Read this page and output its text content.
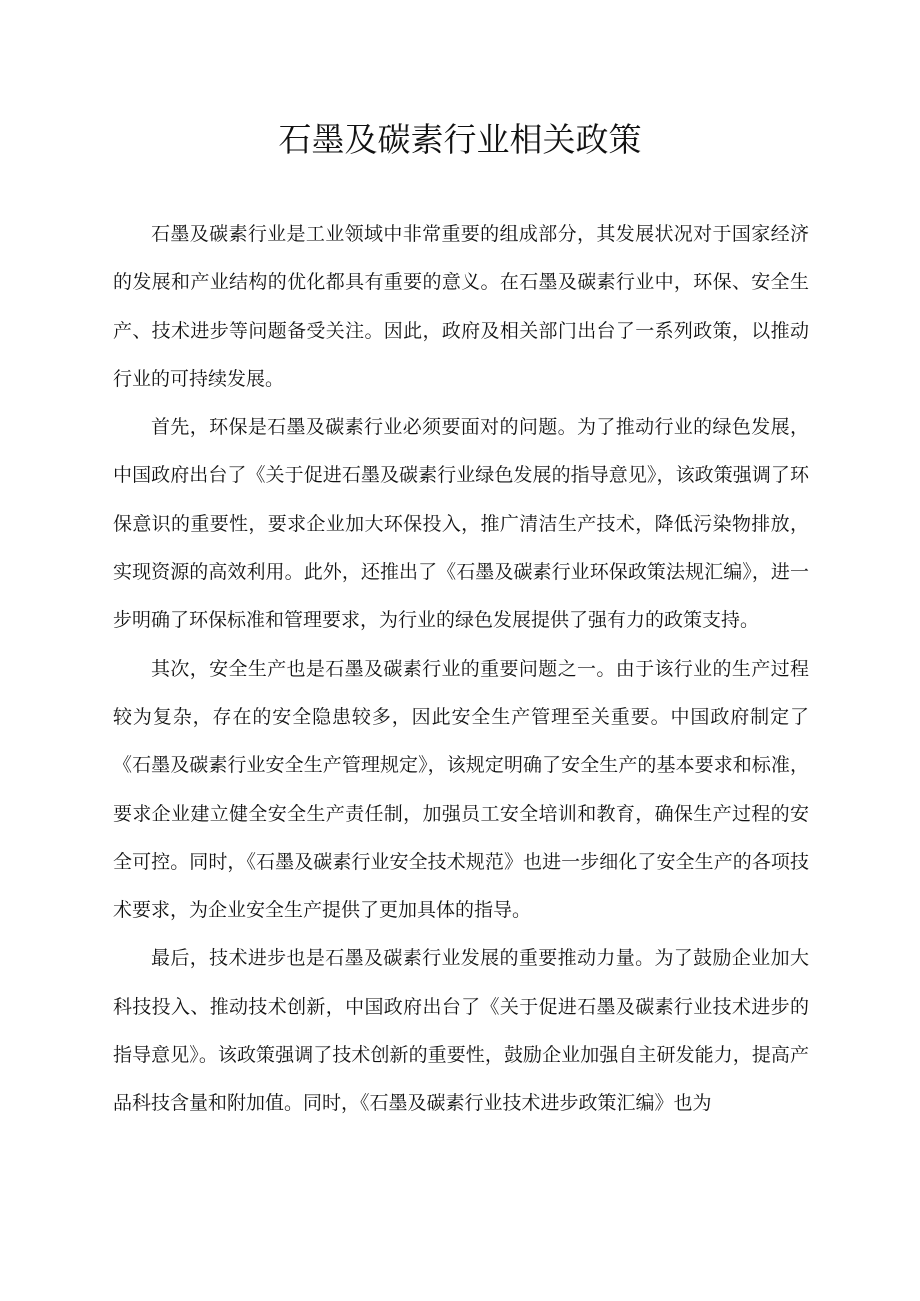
石墨及碳素行业相关政策

石墨及碳素行业是工业领域中非常重要的组成部分，其发展状况对于国家经济的发展和产业结构的优化都具有重要的意义。在石墨及碳素行业中，环保、安全生产、技术进步等问题备受关注。因此，政府及相关部门出台了一系列政策，以推动行业的可持续发展。

首先，环保是石墨及碳素行业必须要面对的问题。为了推动行业的绿色发展，中国政府出台了《关于促进石墨及碳素行业绿色发展的指导意见》，该政策强调了环保意识的重要性，要求企业加大环保投入，推广清洁生产技术，降低污染物排放，实现资源的高效利用。此外，还推出了《石墨及碳素行业环保政策法规汇编》，进一步明确了环保标准和管理要求，为行业的绿色发展提供了强有力的政策支持。

其次，安全生产也是石墨及碳素行业的重要问题之一。由于该行业的生产过程较为复杂，存在的安全隐患较多，因此安全生产管理至关重要。中国政府制定了《石墨及碳素行业安全生产管理规定》，该规定明确了安全生产的基本要求和标准，要求企业建立健全安全生产责任制，加强员工安全培训和教育，确保生产过程的安全可控。同时，《石墨及碳素行业安全技术规范》也进一步细化了安全生产的各项技术要求，为企业安全生产提供了更加具体的指导。

最后，技术进步也是石墨及碳素行业发展的重要推动力量。为了鼓励企业加大科技投入、推动技术创新，中国政府出台了《关于促进石墨及碳素行业技术进步的指导意见》。该政策强调了技术创新的重要性，鼓励企业加强自主研发能力，提高产品科技含量和附加值。同时，《石墨及碳素行业技术进步政策汇编》也为
